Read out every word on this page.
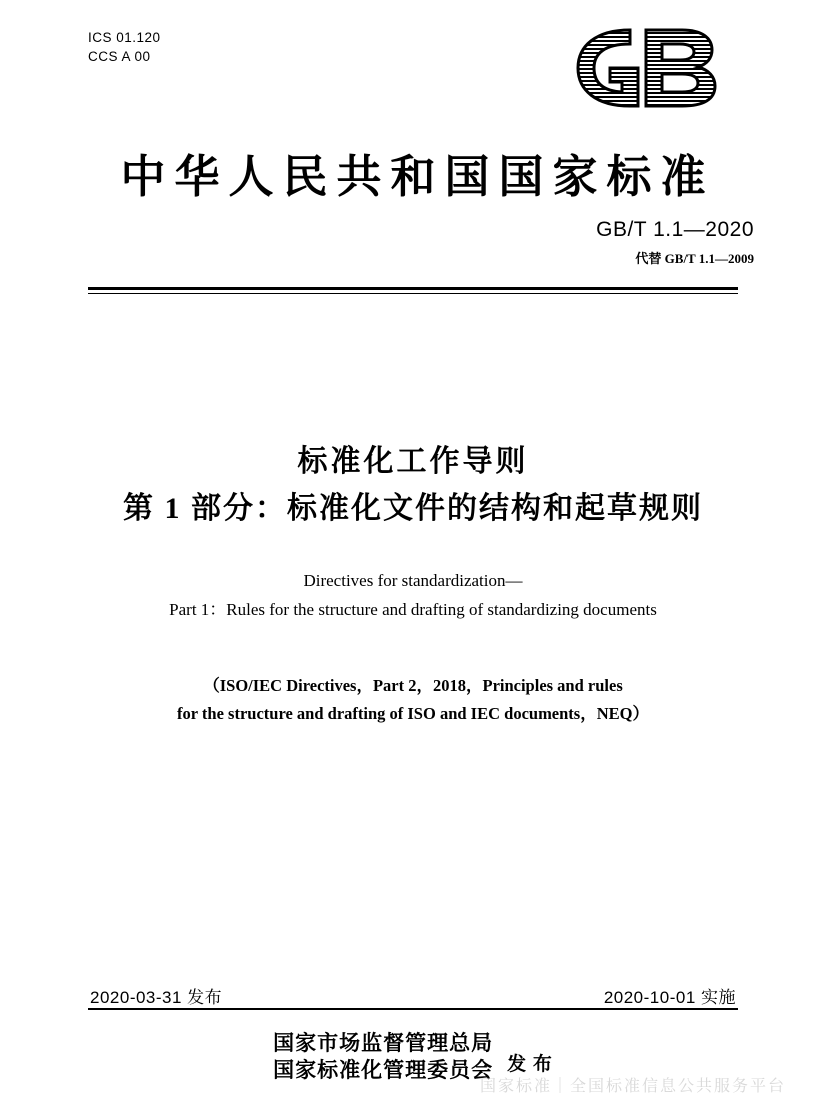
ICS 01.120
CCS A 00
中华人民共和国国家标准
GB/T 1.1—2020
代替 GB/T 1.1—2009
标准化工作导则
第 1 部分：标准化文件的结构和起草规则
Directives for standardization—
Part 1：Rules for the structure and drafting of standardizing documents
（ISO/IEC Directives，Part 2，2018，Principles and rules
for the structure and drafting of ISO and IEC documents，NEQ）
2020-03-31 发布	2020-10-01 实施
国家市场监督管理总局
国家标准化管理委员会 发 布
国家标准｜全国标准信息公共服务平台
